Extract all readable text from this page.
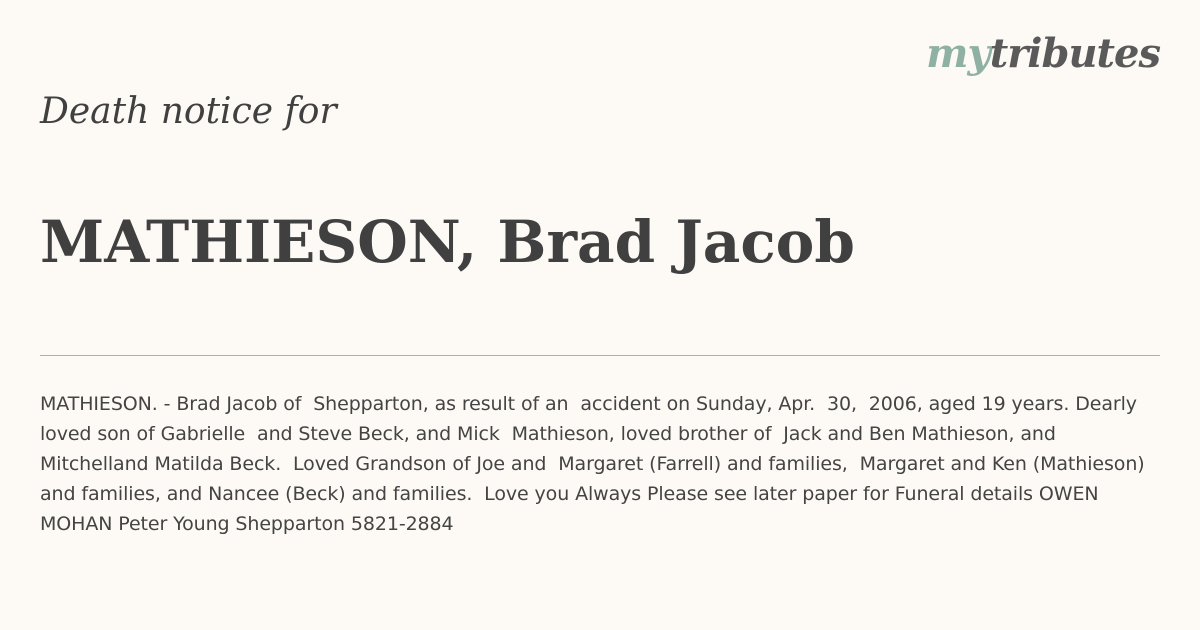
mytributes
Death notice for
MATHIESON, Brad Jacob
MATHIESON. - Brad Jacob of  Shepparton, as result of an  accident on Sunday, Apr.  30,  2006, aged 19 years. Dearly loved son of Gabrielle  and Steve Beck, and Mick  Mathieson, loved brother of  Jack and Ben Mathieson, and  Mitchelland Matilda Beck.  Loved Grandson of Joe and  Margaret (Farrell) and families,  Margaret and Ken (Mathieson)  and families, and Nancee (Beck) and families.  Love you Always Please see later paper for Funeral details OWEN MOHAN Peter Young Shepparton 5821-2884
